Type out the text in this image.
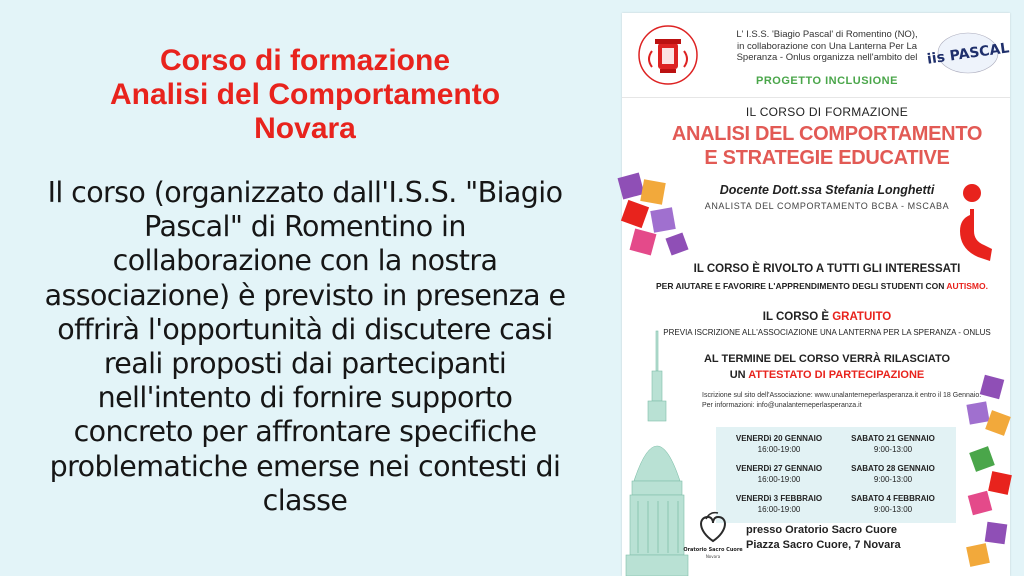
Corso di formazione
Analisi del Comportamento
Novara
Il corso (organizzato dall'I.S.S. "Biagio
Pascal" di Romentino in
collaborazione con la nostra
associazione) è previsto in presenza e
offrirà l'opportunità di discutere casi
reali proposti dai partecipanti
nell'intento di fornire supporto
concreto per affrontare specifiche
problematiche emerse nei contesti di
classe
L' I.S.S. 'Biagio Pascal' di Romentino (NO),
in collaborazione con Una Lanterna Per La
Speranza - Onlus organizza nell'ambito del
PROGETTO INCLUSIONE
iis PASCAL
IL CORSO DI FORMAZIONE
ANALISI DEL COMPORTAMENTO
E STRATEGIE EDUCATIVE
Docente Dott.ssa Stefania Longhetti
ANALISTA DEL COMPORTAMENTO BCBA - MSCABA
IL CORSO È RIVOLTO A TUTTI GLI INTERESSATI
PER AIUTARE E FAVORIRE L'APPRENDIMENTO DEGLI STUDENTI CON AUTISMO.
IL CORSO È GRATUITO
PREVIA ISCRIZIONE ALL'ASSOCIAZIONE UNA LANTERNA PER LA SPERANZA - ONLUS
AL TERMINE DEL CORSO VERRÀ RILASCIATO
UN ATTESTATO DI PARTECIPAZIONE
Iscrizione sul sito dell'Associazione: www.unalanterneperlasperanza.it entro il 18 Gennaio.
Per informazioni: info@unalanterneperlasperanza.it
VENERDì 20 GENNAIO
16:00-19:00
SABATO 21 GENNAIO
9:00-13:00
VENERDì 27 GENNAIO
16:00-19:00
SABATO 28 GENNAIO
9:00-13:00
VENERDì 3 FEBBRAIO
16:00-19:00
SABATO 4 FEBBRAIO
9:00-13:00
Oratorio Sacro Cuore
Novara
presso Oratorio Sacro Cuore
Piazza Sacro Cuore, 7 Novara
